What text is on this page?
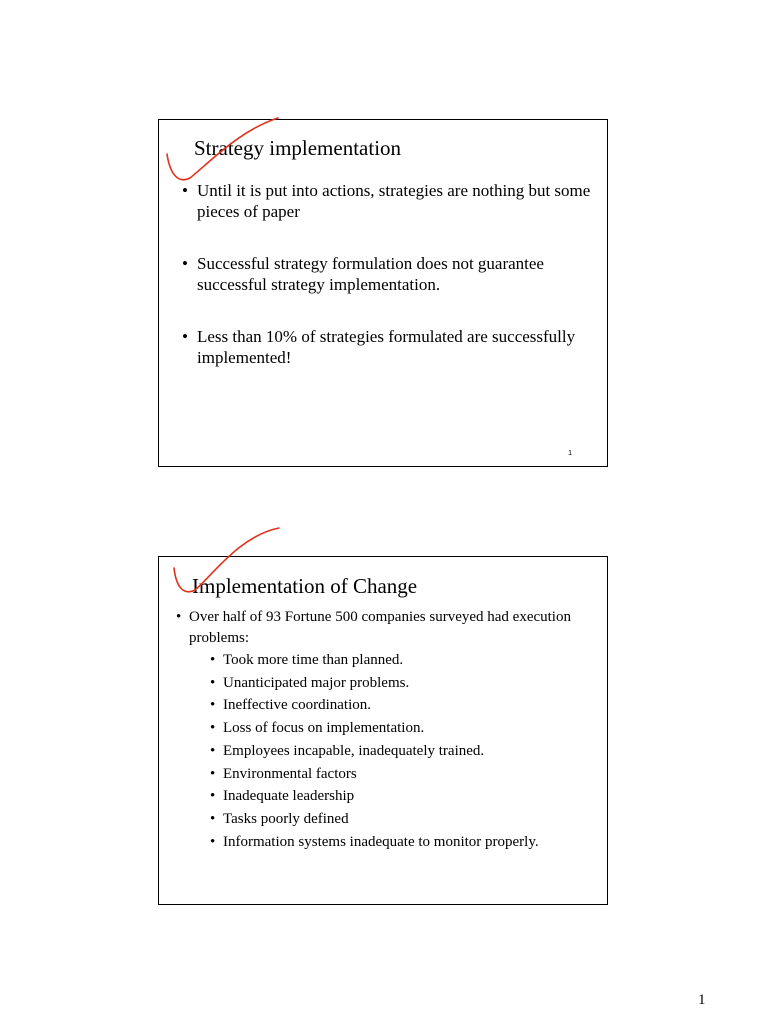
Strategy implementation
• Until it is put into actions, strategies are nothing but some pieces of paper
• Successful strategy formulation does not guarantee successful strategy implementation.
• Less than 10% of strategies formulated are successfully implemented!
1
Implementation of Change
• Over half of 93 Fortune 500 companies surveyed had execution problems:
• Took more time than planned.
• Unanticipated major problems.
• Ineffective coordination.
• Loss of focus on implementation.
• Employees incapable, inadequately trained.
• Environmental factors
• Inadequate leadership
• Tasks poorly defined
• Information systems inadequate to monitor properly.
1
